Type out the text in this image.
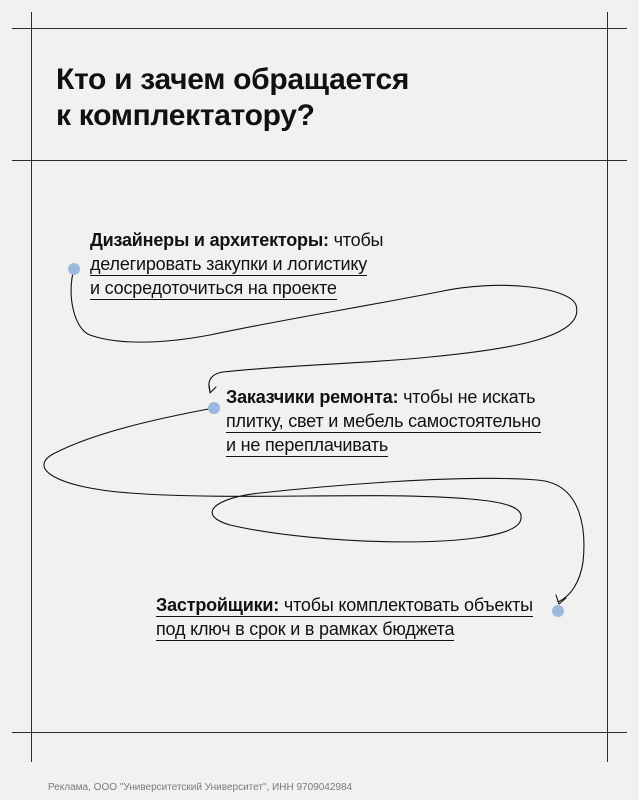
Кто и зачем обращается
к комплектатору?
Дизайнеры и архитекторы: чтобы
делегировать закупки и логистику
и сосредоточиться на проекте
Заказчики ремонта: чтобы не искать
плитку, свет и мебель самостоятельно
и не переплачивать
Застройщики: чтобы комплектовать объекты
под ключ в срок и в рамках бюджета
Реклама, ООО "Университетский Университет", ИНН 9709042984
